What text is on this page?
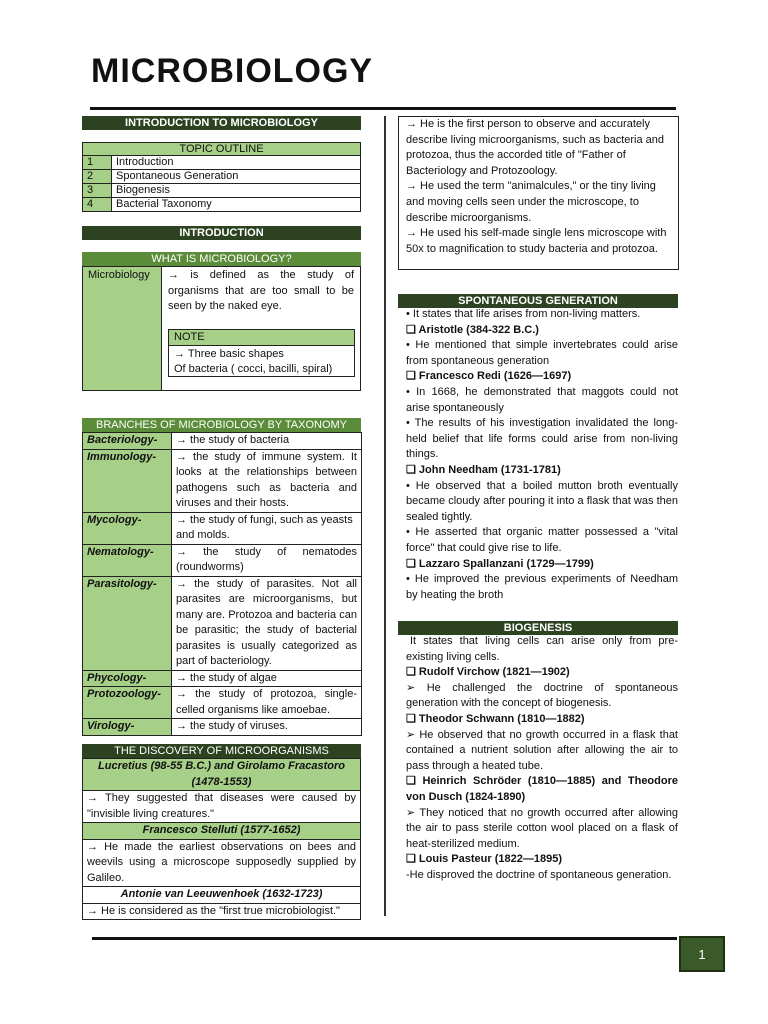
MICROBIOLOGY
INTRODUCTION TO MICROBIOLOGY
TOPIC OUTLINE
1	Introduction
2	Spontaneous Generation
3	Biogenesis
4	Bacterial Taxonomy
INTRODUCTION
WHAT IS MICROBIOLOGY?
Microbiology	→ is defined as the study of organisms that are too small to be seen by the naked eye.
NOTE
→ Three basic shapes
Of bacteria ( cocci, bacilli, spiral)
BRANCHES OF MICROBIOLOGY BY TAXONOMY
Bacteriology-	→ the study of bacteria
Immunology-	→ the study of immune system. It looks at the relationships between pathogens such as bacteria and viruses and their hosts.
Mycology-	→ the study of fungi, such as yeasts and molds.
Nematology-	→ the study of nematodes (roundworms)
Parasitology-	→ the study of parasites. Not all parasites are microorganisms, but many are. Protozoa and bacteria can be parasitic; the study of bacterial parasites is usually categorized as part of bacteriology.
Phycology-	→ the study of algae
Protozoology-	→ the study of protozoa, single-celled organisms like amoebae.
Virology-	→ the study of viruses.
THE DISCOVERY OF MICROORGANISMS
Lucretius (98-55 B.C.) and Girolamo Fracastoro (1478-1553)
→ They suggested that diseases were caused by "invisible living creatures."
Francesco Stelluti (1577-1652)
→ He made the earliest observations on bees and weevils using a microscope supposedly supplied by Galileo.
Antonie van Leeuwenhoek (1632-1723)
→ He is considered as the "first true microbiologist."
→ He is the first person to observe and accurately describe living microorganisms, such as bacteria and protozoa, thus the accorded title of "Father of Bacteriology and Protozoology.
→ He used the term "animalcules," or the tiny living and moving cells seen under the microscope, to describe microorganisms.
→ He used his self-made single lens microscope with 50x to magnification to study bacteria and protozoa.
SPONTANEOUS GENERATION
• It states that life arises from non-living matters.
❑ Aristotle (384-322 B.C.)
• He mentioned that simple invertebrates could arise from spontaneous generation
❑ Francesco Redi (1626—1697)
• In 1668, he demonstrated that maggots could not arise spontaneously
• The results of his investigation invalidated the long-held belief that life forms could arise from non-living things.
❑ John Needham (1731-1781)
• He observed that a boiled mutton broth eventually became cloudy after pouring it into a flask that was then sealed tightly.
• He asserted that organic matter possessed a "vital force" that could give rise to life.
❑ Lazzaro Spallanzani (1729—1799)
• He improved the previous experiments of Needham by heating the broth
BIOGENESIS
It states that living cells can arise only from pre-existing living cells.
❑ Rudolf Virchow (1821—1902)
➢ He challenged the doctrine of spontaneous generation with the concept of biogenesis.
❑ Theodor Schwann (1810—1882)
➢ He observed that no growth occurred in a flask that contained a nutrient solution after allowing the air to pass through a heated tube.
❑ Heinrich Schröder (1810—1885) and Theodore von Dusch (1824-1890)
➢ They noticed that no growth occurred after allowing the air to pass sterile cotton wool placed on a flask of heat-sterilized medium.
❑ Louis Pasteur (1822—1895)
-He disproved the doctrine of spontaneous generation.
1
